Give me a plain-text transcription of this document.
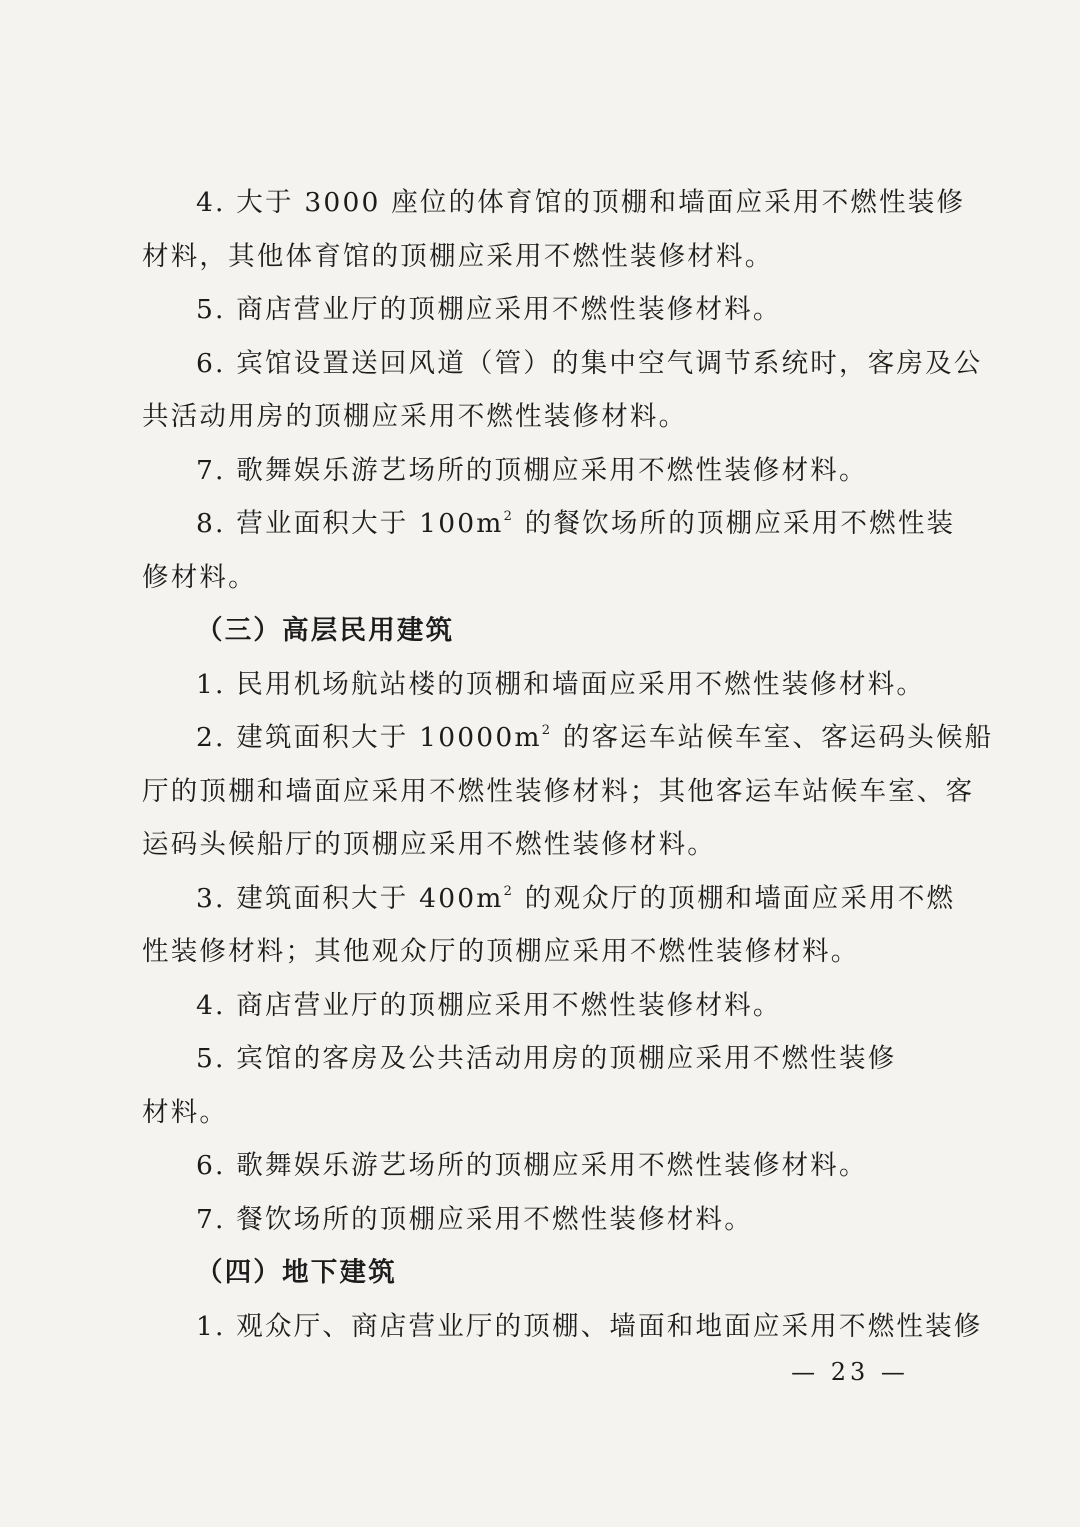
4. 大于 3000 座位的体育馆的顶棚和墙面应采用不燃性装修
材料，其他体育馆的顶棚应采用不燃性装修材料。
5. 商店营业厅的顶棚应采用不燃性装修材料。
6. 宾馆设置送回风道（管）的集中空气调节系统时，客房及公
共活动用房的顶棚应采用不燃性装修材料。
7. 歌舞娱乐游艺场所的顶棚应采用不燃性装修材料。
8. 营业面积大于 $100m^2$ 的餐饮场所的顶棚应采用不燃性装
修材料。
（三）高层民用建筑
1. 民用机场航站楼的顶棚和墙面应采用不燃性装修材料。
2. 建筑面积大于 $10000m^2$ 的客运车站候车室、客运码头候船
厅的顶棚和墙面应采用不燃性装修材料；其他客运车站候车室、客
运码头候船厅的顶棚应采用不燃性装修材料。
3. 建筑面积大于 $400m^2$ 的观众厅的顶棚和墙面应采用不燃
性装修材料；其他观众厅的顶棚应采用不燃性装修材料。
4. 商店营业厅的顶棚应采用不燃性装修材料。
5. 宾馆的客房及公共活动用房的顶棚应采用不燃性装修
材料。
6. 歌舞娱乐游艺场所的顶棚应采用不燃性装修材料。
7. 餐饮场所的顶棚应采用不燃性装修材料。
（四）地下建筑
1. 观众厅、商店营业厅的顶棚、墙面和地面应采用不燃性装修
— 23 —
